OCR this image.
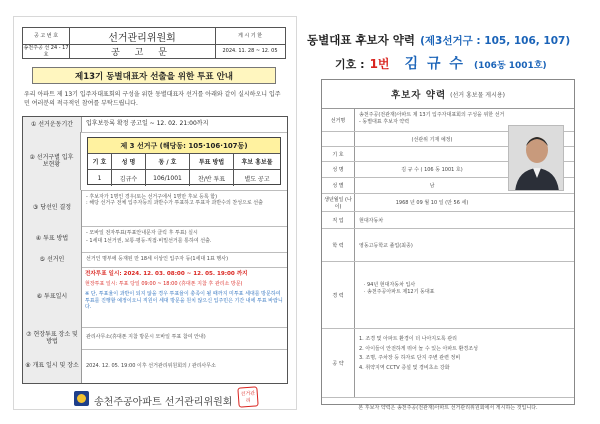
공 고 번 호
송천주공 선 24 - 17호
선거관리위원회
공 고 문
게 시 기 한
2024. 11. 28 ~ 12. 05
제13기 동별대표자 선출을 위한 투표 안내
우리 아파트 제 13기 입주자대표회의 구성을 위한 동별대표자 선거를 아래와 같이 실시하오니 입주민 여러분의 적극적인 참여를 부탁드립니다.
① 선거운동기간	입후보등록 확정 공고일 ~ 12. 02. 21:00까지
② 선거구별 입후보현황
제 3 선거구 (해당동: 105·106·107동)
기 호	성 명	동 / 호	투표 방법	후보 홍보물
1	김규수	106/1001	찬/반 투표	별도 공고
③ 당선인 결정
- 후보자가 1명인 경우(또는 선거구에서 1명만 후보 등록 함)
: 해당 선거구 전체 입주자등의 과반수가 투표하고 투표자 과반수의 찬성으로 선출
④ 투표 방법
- 모바일 전자투표(투표안내문자 클릭 후 투표) 실시
- 1세대 1선거권, 보통·평등·직접·비밀선거를 통하여 선출.
⑤ 선거인	선거인 명부에 등재된 만 18세 이상인 입주자 등(1세대 1표 행사)
⑥ 투표일시
전자투표 일시: 2024. 12. 03. 08:00 ~ 12. 05. 19:00 까지
현장투표 일시: 투표 당일 09:00 ~ 18:00 (휴대폰 지참 후 관리소 방문)
※ 단, 투표율이 과반이 되지 않을 경우 투표율이 충족이 될 때까지 미투표 세대를 방문하여 투표를 진행할 예정이오니 직원이 세대 방문을 원치 않으신 입주민은 기간 내에 투표 바랍니다.
⑦ 현장투표 장소 및 방법
관리사무소(휴대폰 지참 방문시 모바일 투표 참여 안내)
⑧ 개표 일시 및 장소	2024. 12. 05. 19:00 이후 선거관리위원회의 / 관리사무소
송천주공아파트 선거관리위원회
선거관리
동별대표 후보자 약력 (제3선거구 : 105, 106, 107)
기호 : 1번 김 규 수 (106동 1001호)
후보자 약력 (선거 홍보물 게시용)
선거명
송천주공(전관재)아파트 제 13기 입주자대표회의 구성을 위한 선거 - 동별대표 후보자 약력
(선관위 기재 예정)
기 호
성 명	김 규 수 ( 106 동 1001 호)
성 별	남
생년월일 (나이)
1968 년 09 월 10 일 (만 56 세)
직 업	현대자동차
학 력	영동고등학교 졸업(최종)
경 력
· 94년 현대자동차 입사
· 송천주공아파트 제12기 동대표
공 약
1. 조경 및 아파트 환경이 더 나아지도록 관리
2. 아이들이 안전하게 뛰어 놀 수 있는 아파트 환경조성
3. 조명, 주차장 등 하자로 단지 주변 관련 정비
4. 취약지역 CCTV 증설 및 경비초소 강화
본 후보자 약력은 송천주공(전관재)아파트 선거관리위원회에서 게시하는 것입니다.
